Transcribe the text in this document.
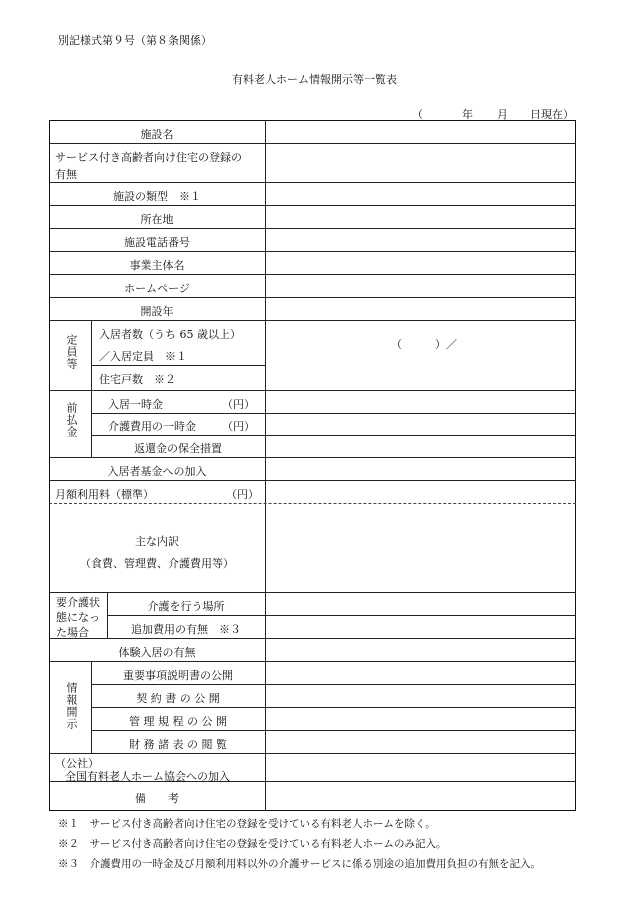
別記様式第９号（第８条関係）
有料老人ホーム情報開示等一覧表
（	年 月 日現在）
施設名
サービス付き高齢者向け住宅の登録の
有無
施設の類型　※１
所在地
施設電話番号
事業主体名
ホームページ
開設年
定員等 入居者数（うち 65 歳以上）
／入居定員　※１
（　　　）／
住宅戸数　※２
前払金	入居一時金	（円）
介護費用の一時金 （円）
返還金の保全措置
入居者基金への加入
月額利用料（標準）	（円）
主な内訳
（食費、管理費、介護費用等）
要介護状
態になっ
た場合
介護を行う場所
追加費用の有無　※３
体験入居の有無
情報開示
重要事項説明書の公開
契 約 書 の 公 開
管 理 規 程 の 公 開
財 務 諸 表 の 閲 覧
（公社）
全国有料老人ホーム協会への加入
備　　考
※１　サービス付き高齢者向け住宅の登録を受けている有料老人ホームを除く。
※２　サービス付き高齢者向け住宅の登録を受けている有料老人ホームのみ記入。
※３　介護費用の一時金及び月額利用料以外の介護サービスに係る別途の追加費用負担の有無を記入。
